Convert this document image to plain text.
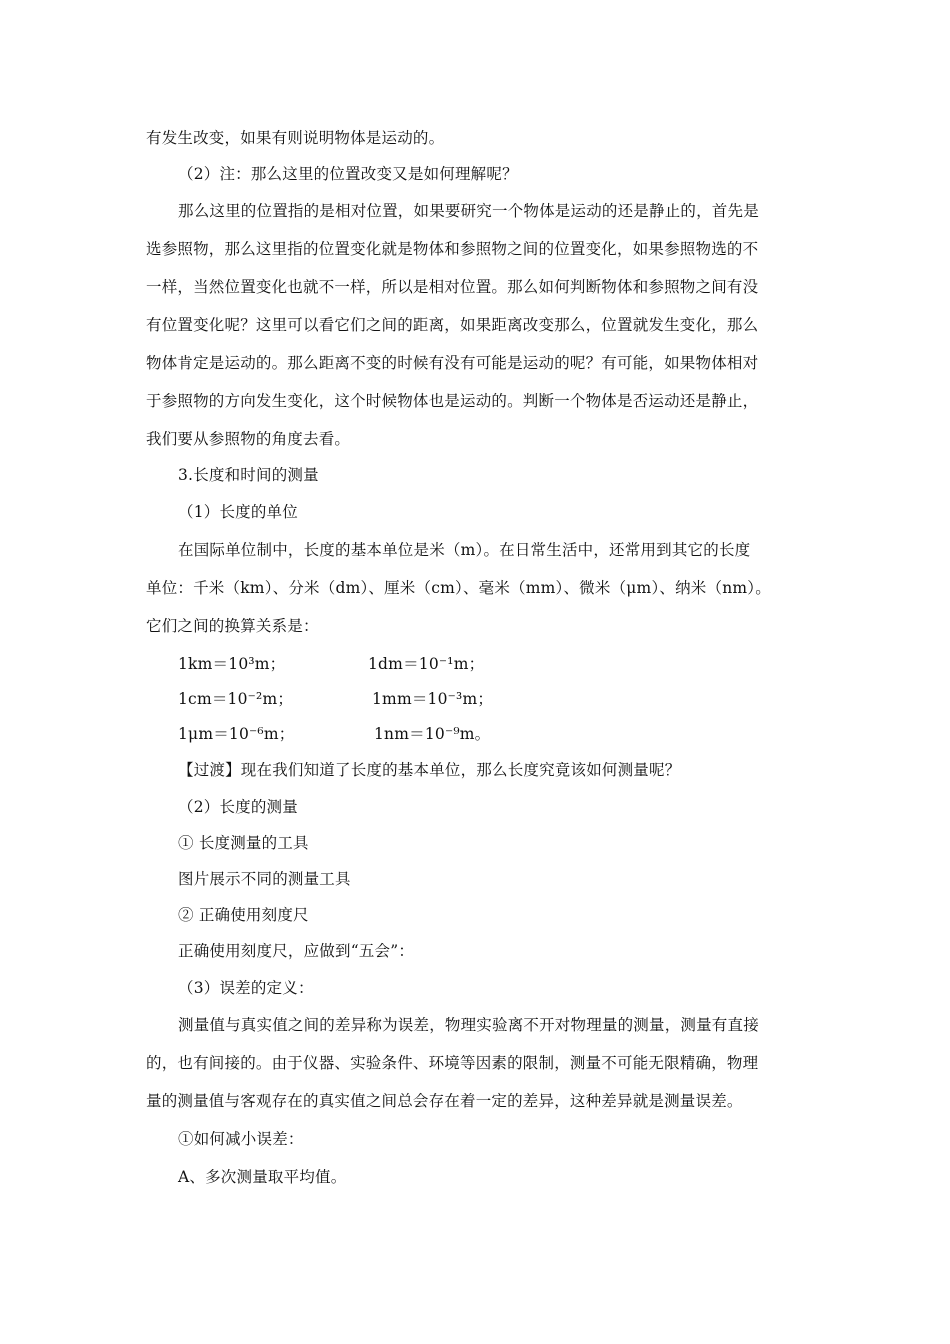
有发生改变，如果有则说明物体是运动的。
（2）注：那么这里的位置改变又是如何理解呢？
那么这里的位置指的是相对位置，如果要研究一个物体是运动的还是静止的，首先是
选参照物，那么这里指的位置变化就是物体和参照物之间的位置变化，如果参照物选的不
一样，当然位置变化也就不一样，所以是相对位置。那么如何判断物体和参照物之间有没
有位置变化呢？这里可以看它们之间的距离，如果距离改变那么，位置就发生变化，那么
物体肯定是运动的。那么距离不变的时候有没有可能是运动的呢？有可能，如果物体相对
于参照物的方向发生变化，这个时候物体也是运动的。判断一个物体是否运动还是静止，
我们要从参照物的角度去看。
3.长度和时间的测量
（1）长度的单位
在国际单位制中，长度的基本单位是米（m）。在日常生活中，还常用到其它的长度
单位：千米（km）、分米（dm）、厘米（cm）、毫米（mm）、微米（μm）、纳米（nm）。
它们之间的换算关系是：
1km＝10³m；	1dm＝10⁻¹m；
1cm＝10⁻²m；	1mm＝10⁻³m；
1μm＝10⁻⁶m；	1nm＝10⁻⁹m。
【过渡】现在我们知道了长度的基本单位，那么长度究竟该如何测量呢？
（2）长度的测量
① 长度测量的工具
图片展示不同的测量工具
② 正确使用刻度尺
正确使用刻度尺，应做到“五会”：
（3）误差的定义：
测量值与真实值之间的差异称为误差，物理实验离不开对物理量的测量，测量有直接
的，也有间接的。由于仪器、实验条件、环境等因素的限制，测量不可能无限精确，物理
量的测量值与客观存在的真实值之间总会存在着一定的差异，这种差异就是测量误差。
①如何减小误差：
A、多次测量取平均值。
